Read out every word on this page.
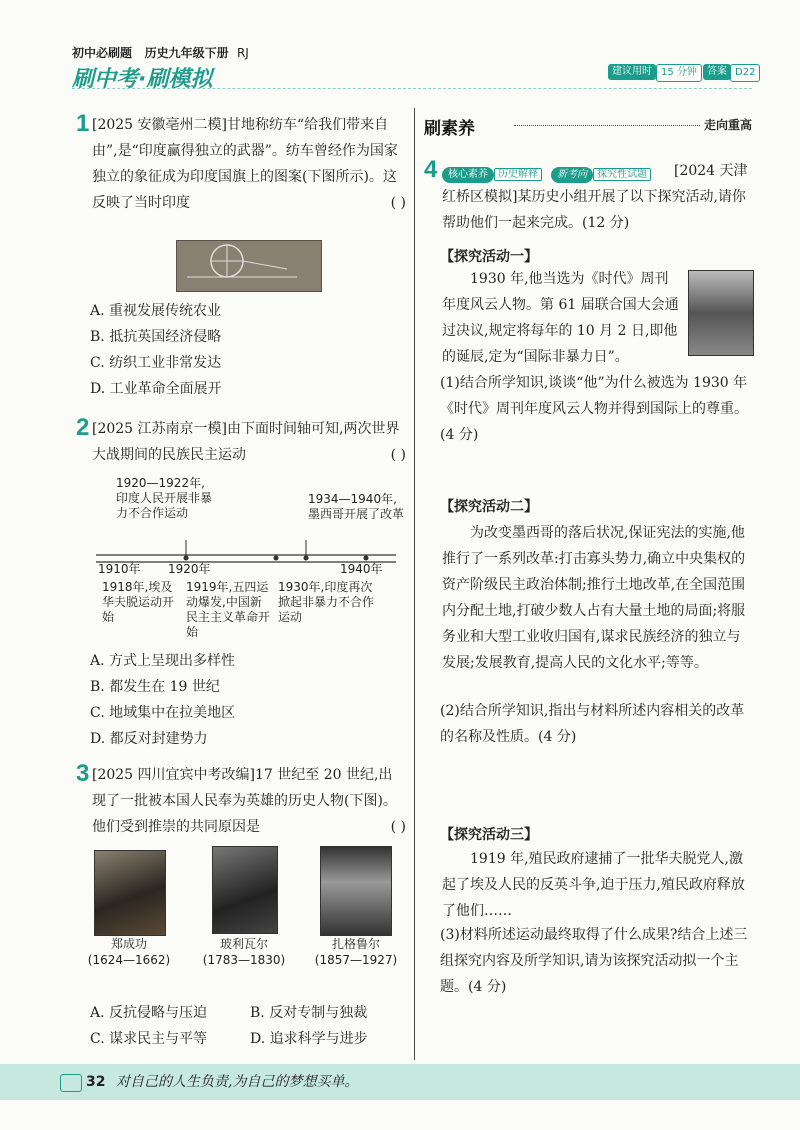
初中必刷题 历史九年级下册 RJ
刷中考·刷模拟	建议用时 15 分钟	答案 D22
1 [2025 安徽亳州二模]甘地称纺车“给我们带来自由”,是“印度赢得独立的武器”。纺车曾经作为国家独立的象征成为印度国旗上的图案(下图所示)。这反映了当时印度	( )
A. 重视发展传统农业
B. 抵抗英国经济侵略
C. 纺织工业非常发达
D. 工业革命全面展开
2 [2025 江苏南京一模]由下面时间轴可知,两次世界大战期间的民族民主运动	( )
1920—1922年,印度人民开展非暴力不合作运动
1934—1940年,墨西哥开展了改革
1910年 1920年	1940年
1918年,埃及华夫脱运动开始
1919年,五四运动爆发,中国新民主主义革命开始
1930年,印度再次掀起非暴力不合作运动
A. 方式上呈现出多样性
B. 都发生在 19 世纪
C. 地域集中在拉美地区
D. 都反对封建势力
3 [2025 四川宜宾中考改编]17 世纪至 20 世纪,出现了一批被本国人民奉为英雄的历史人物(下图)。他们受到推崇的共同原因是	( )
郑成功
(1624—1662)
玻利瓦尔
(1783—1830)
扎格鲁尔
(1857—1927)
A. 反抗侵略与压迫	B. 反对专制与独裁
C. 谋求民主与平等	D. 追求科学与进步
刷素养	走向重高
4	核心素养 历史解释 新考向 探究性试题	[2024 天津红桥区模拟]某历史小组开展了以下探究活动,请你帮助他们一起来完成。(12 分)
【探究活动一】
1930 年,他当选为《时代》周刊年度风云人物。第 61 届联合国大会通过决议,规定将每年的 10 月 2 日,即他的诞辰,定为“国际非暴力日”。
(1)结合所学知识,谈谈“他”为什么被选为 1930 年《时代》周刊年度风云人物并得到国际上的尊重。(4 分)
【探究活动二】
为改变墨西哥的落后状况,保证宪法的实施,他推行了一系列改革:打击寡头势力,确立中央集权的资产阶级民主政治体制;推行土地改革,在全国范围内分配土地,打破少数人占有大量土地的局面;将服务业和大型工业收归国有,谋求民族经济的独立与发展;发展教育,提高人民的文化水平;等等。
(2)结合所学知识,指出与材料所述内容相关的改革的名称及性质。(4 分)
【探究活动三】
1919 年,殖民政府逮捕了一批华夫脱党人,激起了埃及人民的反英斗争,迫于压力,殖民政府释放了他们……
(3)材料所述运动最终取得了什么成果?结合上述三组探究内容及所学知识,请为该探究活动拟一个主题。(4 分)
32 对自己的人生负责,为自己的梦想买单。
